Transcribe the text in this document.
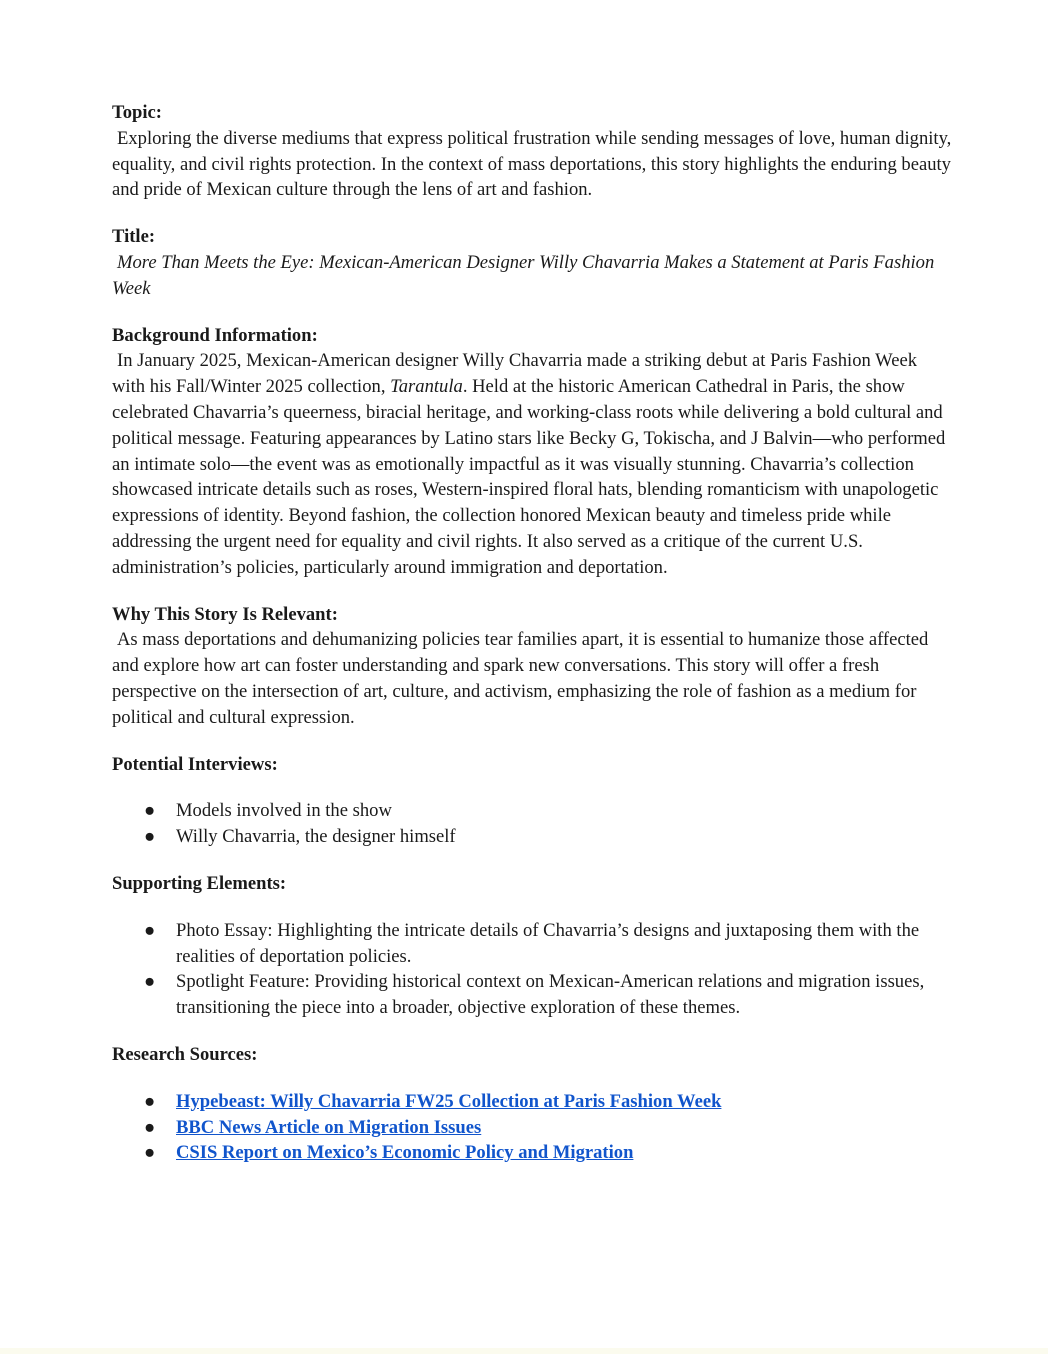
Topic:

Exploring the diverse mediums that express political frustration while sending messages of love, human dignity, equality, and civil rights protection. In the context of mass deportations, this story highlights the enduring beauty and pride of Mexican culture through the lens of art and fashion.

Title:

More Than Meets the Eye: Mexican-American Designer Willy Chavarria Makes a Statement at Paris Fashion Week

Background Information:

In January 2025, Mexican-American designer Willy Chavarria made a striking debut at Paris Fashion Week with his Fall/Winter 2025 collection, Tarantula. Held at the historic American Cathedral in Paris, the show celebrated Chavarria’s queerness, biracial heritage, and working-class roots while delivering a bold cultural and political message. Featuring appearances by Latino stars like Becky G, Tokischa, and J Balvin—who performed an intimate solo—the event was as emotionally impactful as it was visually stunning. Chavarria’s collection showcased intricate details such as roses, Western-inspired floral hats, blending romanticism with unapologetic expressions of identity. Beyond fashion, the collection honored Mexican beauty and timeless pride while addressing the urgent need for equality and civil rights. It also served as a critique of the current U.S. administration’s policies, particularly around immigration and deportation.

Why This Story Is Relevant:

As mass deportations and dehumanizing policies tear families apart, it is essential to humanize those affected and explore how art can foster understanding and spark new conversations. This story will offer a fresh perspective on the intersection of art, culture, and activism, emphasizing the role of fashion as a medium for political and cultural expression.

Potential Interviews:

● Models involved in the show
● Willy Chavarria, the designer himself

Supporting Elements:

● Photo Essay: Highlighting the intricate details of Chavarria’s designs and juxtaposing them with the realities of deportation policies.
● Spotlight Feature: Providing historical context on Mexican-American relations and migration issues, transitioning the piece into a broader, objective exploration of these themes.

Research Sources:

● Hypebeast: Willy Chavarria FW25 Collection at Paris Fashion Week
● BBC News Article on Migration Issues
● CSIS Report on Mexico’s Economic Policy and Migration
